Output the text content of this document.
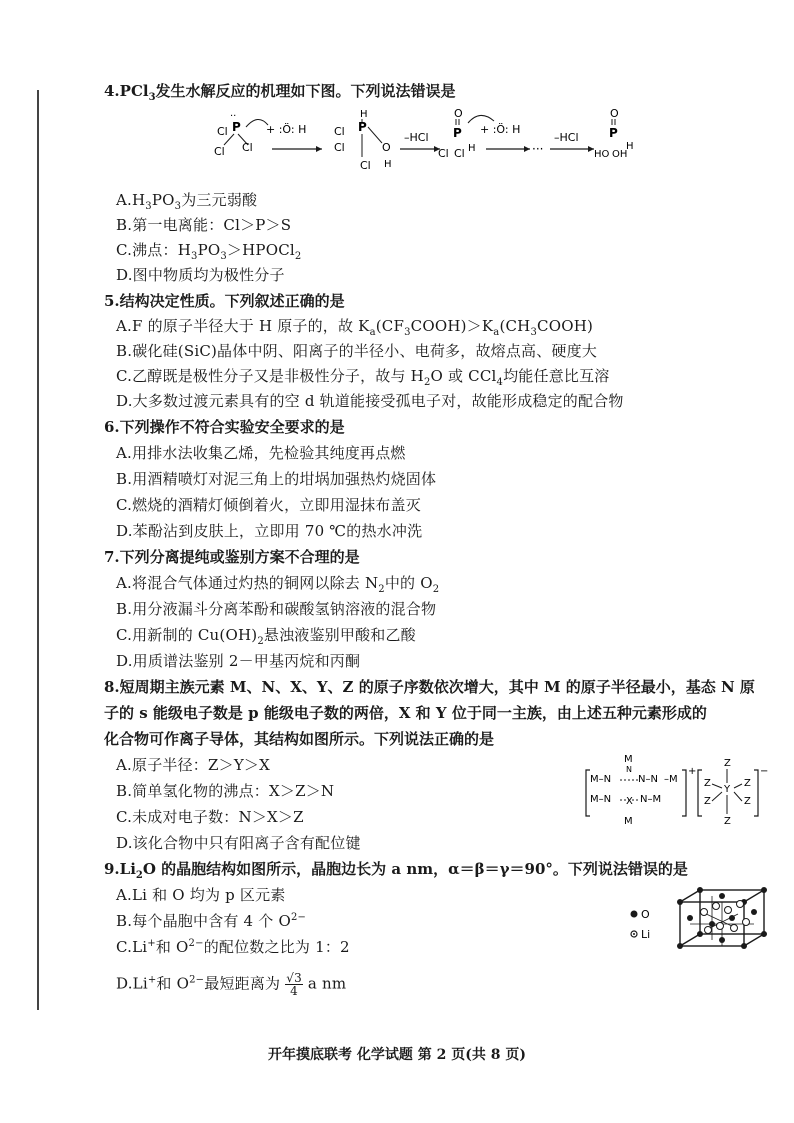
4.PCl$_3$发生水解反应的机理如下图。下列说法错误是
P
··
Cl Cl
Cl	+ :Ö: H	Cl P
H
O
H
Cl
Cl
–HCl
O
P
Cl Cl H
+ :Ö: H
···
–HCl
O
P
HO OH
H
$A.H_3PO_3$为三元弱酸
B.第一电离能：Cl＞P＞S
C.沸点：$H_3PO_3>HPOCl_2$
D.图中物质均为极性分子
5.结构决定性质。下列叙述正确的是
A.F 的原子半径大于 H 原子的，故 $K_a(CF_3COOH)>K_a(CH_3COOH)$
B.碳化硅(SiC)晶体中阴、阳离子的半径小、电荷多，故熔点高、硬度大
C.乙醇既是极性分子又是非极性分子，故与 $H_2O$ 或 CCl$_4$均能任意比互溶
D.大多数过渡元素具有的空 d 轨道能接受孤电子对，故能形成稳定的配合物
6.下列操作不符合实验安全要求的是
A.用排水法收集乙烯，先检验其纯度再点燃
B.用酒精喷灯对泥三角上的坩埚加强热灼烧固体
C.燃烧的酒精灯倾倒着火，立即用湿抹布盖灭
D.苯酚沾到皮肤上，立即用 70 ℃的热水冲洗
7.下列分离提纯或鉴别方案不合理的是
A.将混合气体通过灼热的铜网以除去 $N_2$中的 $O_2$
B.用分液漏斗分离苯酚和碳酸氢钠溶液的混合物
C.用新制的 $Cu(OH)_2$悬浊液鉴别甲酸和乙酸
D.用质谱法鉴别 2－甲基丙烷和丙酮
8.短周期主族元素 M、N、X、Y、Z 的原子序数依次增大，其中 M 的原子半径最小，基态 N 原
子的 s 能级电子数是 p 能级电子数的两倍，X 和 Y 位于同一主族，由上述五种元素形成的
化合物可作离子导体，其结构如图所示。下列说法正确的是
A.原子半径：Z＞Y＞X
B.简单氢化物的沸点：X＞Z＞N
C.未成对电子数：N＞X＞Z
D.该化合物中只有阳离子含有配位键
M
N
M–N	N–N –M
M–N X N–M
M
+
Z
Z	Z
Y
Z	Z
Z
−
$9.Li_2O$ 的晶胞结构如图所示，晶胞边长为 a nm，α＝β＝γ＝90°。下列说法错误的是
A.Li 和 O 均为 p 区元素
B.每个晶胞中含有 4 个 $O^{2-}$
C.Li+和 $O^{2-}$的配位数之比为 1：2
D.Li+和 $O^{2-}$最短距离为 $\frac{√3}{4}$ a nm
O
Li
开年摸底联考 化学试题 第 2 页(共 8 页)
